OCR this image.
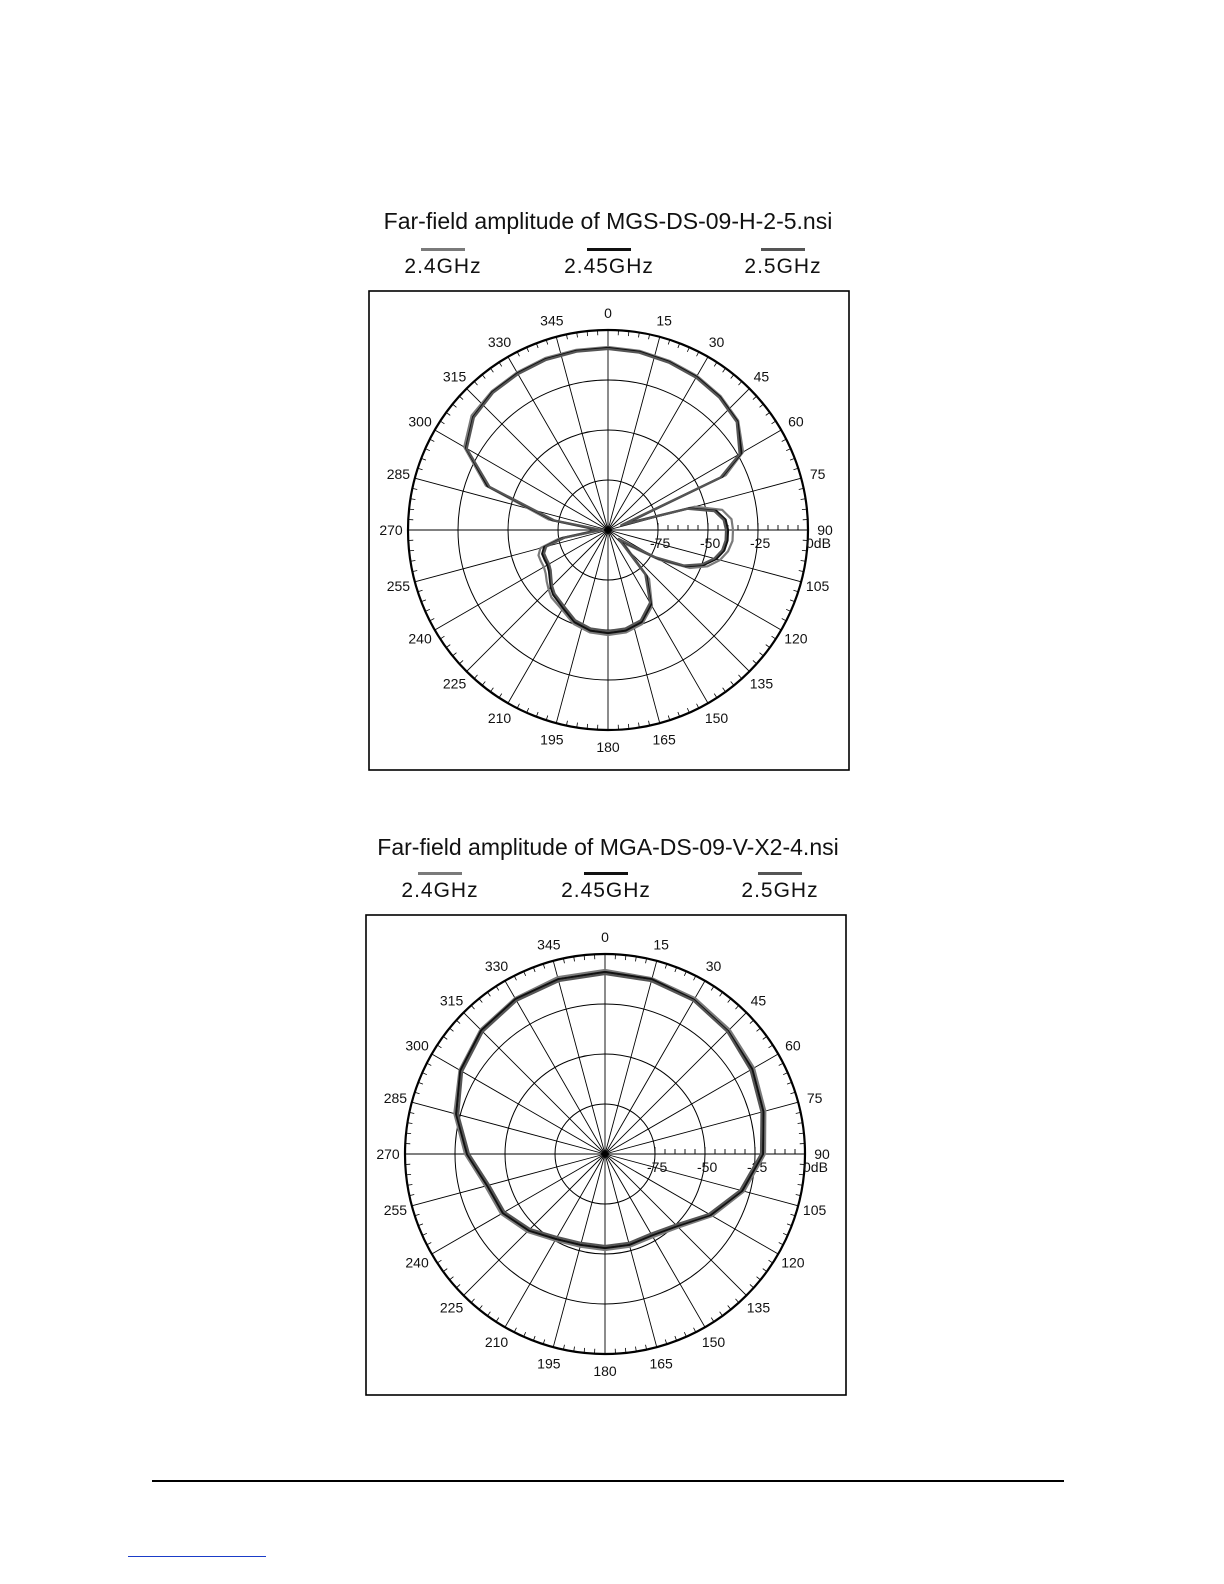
Far-field amplitude of MGS-DS-09-H-2-5.nsi
2.4GHz	2.45GHz	2.5GHz
Far-field amplitude of MGA-DS-09-V-X2-4.nsi
2.4GHz	2.45GHz	2.5GHz
0	15
30
45
60
75
90
105
120
135
150
165
180
195
210
225
240
255
270
285
300
315
330
345
-75 -50 -25	0dB
0	15
30
45
60
75
90
105
120
135
150
165
180
195
210
225
240
255
270
285
300
315
330
345
-75 -50 -25	0dB
